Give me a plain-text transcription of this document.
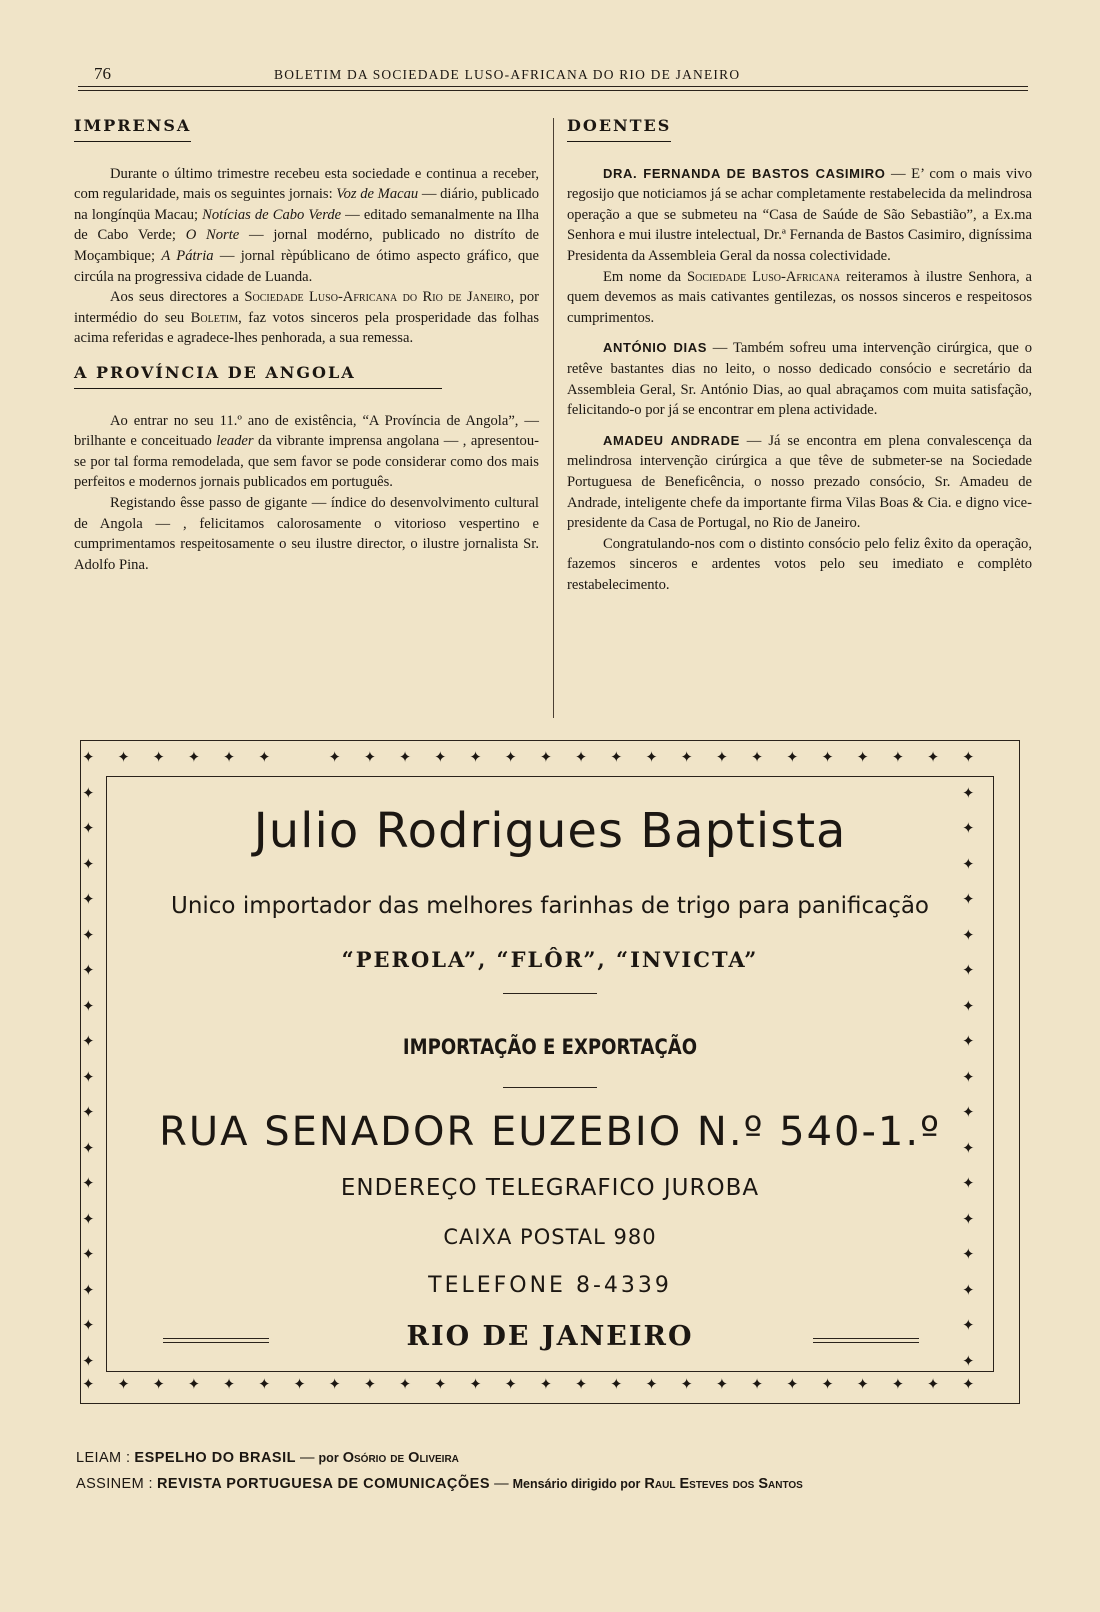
76	BOLETIM DA SOCIEDADE LUSO-AFRICANA DO RIO DE JANEIRO
IMPRENSA

Durante o último trimestre recebeu esta sociedade e continua a receber, com regularidade, mais os seguintes jornais: Voz de Macau — diário, publicado na longínqüa Macau; Notícias de Cabo Verde — editado semanalmente na Ilha de Cabo Verde; O Norte — jornal modérno, publicado no distríto de Moçambique; A Pátria — jornal rèpúblicano de ótimo aspecto gráfico, que circúla na progressiva cidade de Luanda.

Aos seus directores a Sociedade Luso-Africana do Rio de Janeiro, por intermédio do seu Boletim, faz votos sinceros pela prosperidade das folhas acima referidas e agradece-lhes penhorada, a sua remessa.

A PROVÍNCIA DE ANGOLA

Ao entrar no seu 11.º ano de existência, “A Província de Angola”, — brilhante e conceituado leader da vibrante imprensa angolana — , apresentou-se por tal forma remodelada, que sem favor se pode considerar como dos mais perfeitos e modernos jornais publicados em português.

Registando êsse passo de gigante — índice do desenvolvimento cultural de Angola — , felicitamos calorosamente o vitorioso vespertino e cumprimentamos respeitosamente o seu ilustre director, o ilustre jornalista Sr. Adolfo Pina.

DOENTES

DRA. FERNANDA DE BASTOS CASIMIRO — E’ com o mais vivo regosijo que noticiamos já se achar completamente restabelecida da melindrosa operação a que se submeteu na “Casa de Saúde de São Sebastião”, a Ex.ma Senhora e mui ilustre intelectual, Dr.ª Fernanda de Bastos Casimiro, digníssima Presidenta da Assembleia Geral da nossa colectividade.

Em nome da Sociedade Luso-Africana reiteramos à ilustre Senhora, a quem devemos as mais cativantes gentilezas, os nossos sinceros e respeitosos cumprimentos.

ANTÓNIO DIAS — Também sofreu uma intervenção cirúrgica, que o retêve bastantes dias no leito, o nosso dedicado consócio e secretário da Assembleia Geral, Sr. António Dias, ao qual abraçamos com muita satisfação, felicitando-o por já se encontrar em plena actividade.

AMADEU ANDRADE — Já se encontra em plena convalescença da melindrosa intervenção cirúrgica a que têve de submeter-se na Sociedade Portuguesa de Beneficência, o nosso prezado consócio, Sr. Amadeu de Andrade, inteligente chefe da importante firma Vilas Boas & Cia. e digno vice-presidente da Casa de Portugal, no Rio de Janeiro.

Congratulando-nos com o distinto consócio pelo feliz êxito da operação, fazemos sinceros e ardentes votos pelo seu imediato e complėto restabelecimento.

✦ ✦ ✦ ✦ ✦ ✦	✦ ✦ ✦ ✦ ✦ ✦ ✦ ✦ ✦ ✦ ✦ ✦ ✦ ✦ ✦ ✦ ✦ ✦ ✦
✦ ✦ ✦ ✦ ✦ ✦ ✦ ✦ ✦ ✦ ✦ ✦ ✦ ✦ ✦ ✦ ✦ ✦ ✦ ✦ ✦ ✦ ✦ ✦ ✦ ✦
✦	✦
✦	✦
✦	✦
✦	✦
✦	✦
✦	✦
✦	✦
✦	✦
✦	✦
✦	✦
✦	✦
✦	✦
✦	✦
✦	✦
✦	✦
✦	✦
✦	✦
Julio Rodrigues Baptista
Unico importador das melhores farinhas de trigo para panificação
“PEROLA”, “FLÔR”, “INVICTA”
IMPORTAÇÃO E EXPORTAÇÃO
RUA SENADOR EUZEBIO N.º 540-1.º
ENDEREÇO TELEGRAFICO JUROBA
CAIXA POSTAL 980
TELEFONE 8-4339
RIO DE JANEIRO
LEIAM : ESPELHO DO BRASIL — por Osório de Oliveira
ASSINEM : REVISTA PORTUGUESA DE COMUNICAÇÕES — Mensário dirigido por Raul Esteves dos Santos
